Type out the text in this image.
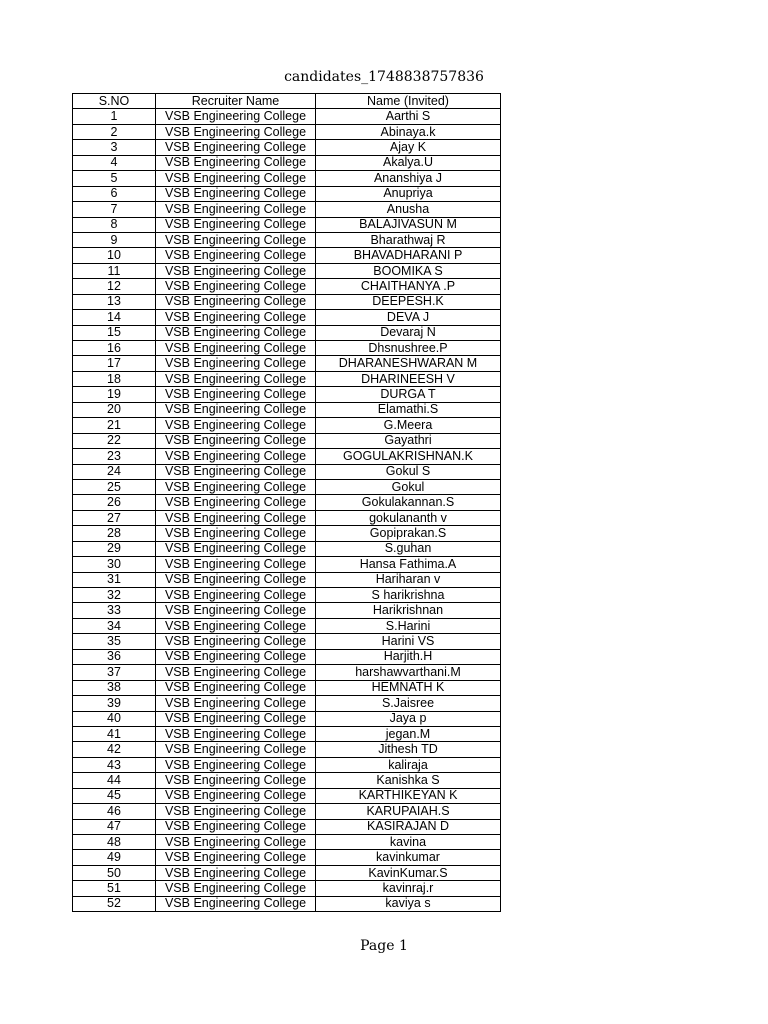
candidates_1748838757836
S.NO	Recruiter Name	Name (Invited)
1	VSB Engineering College	Aarthi S
2	VSB Engineering College	Abinaya.k
3	VSB Engineering College	Ajay K
4	VSB Engineering College	Akalya.U
5	VSB Engineering College	Ananshiya J
6	VSB Engineering College	Anupriya
7	VSB Engineering College	Anusha
8	VSB Engineering College	BALAJIVASUN M
9	VSB Engineering College	Bharathwaj R
10	VSB Engineering College	BHAVADHARANI P
11	VSB Engineering College	BOOMIKA S
12	VSB Engineering College	CHAITHANYA .P
13	VSB Engineering College	DEEPESH.K
14	VSB Engineering College	DEVA J
15	VSB Engineering College	Devaraj N
16	VSB Engineering College	Dhsnushree.P
17	VSB Engineering College	DHARANESHWARAN M
18	VSB Engineering College	DHARINEESH V
19	VSB Engineering College	DURGA T
20	VSB Engineering College	Elamathi.S
21	VSB Engineering College	G.Meera
22	VSB Engineering College	Gayathri
23	VSB Engineering College	GOGULAKRISHNAN.K
24	VSB Engineering College	Gokul S
25	VSB Engineering College	Gokul
26	VSB Engineering College	Gokulakannan.S
27	VSB Engineering College	gokulananth v
28	VSB Engineering College	Gopiprakan.S
29	VSB Engineering College	S.guhan
30	VSB Engineering College	Hansa Fathima.A
31	VSB Engineering College	Hariharan v
32	VSB Engineering College	S harikrishna
33	VSB Engineering College	Harikrishnan
34	VSB Engineering College	S.Harini
35	VSB Engineering College	Harini VS
36	VSB Engineering College	Harjith.H
37	VSB Engineering College	harshawvarthani.M
38	VSB Engineering College	HEMNATH K
39	VSB Engineering College	S.Jaisree
40	VSB Engineering College	Jaya p
41	VSB Engineering College	jegan.M
42	VSB Engineering College	Jithesh TD
43	VSB Engineering College	kaliraja
44	VSB Engineering College	Kanishka S
45	VSB Engineering College	KARTHIKEYAN K
46	VSB Engineering College	KARUPAIAH.S
47	VSB Engineering College	KASIRAJAN D
48	VSB Engineering College	kavina
49	VSB Engineering College	kavinkumar
50	VSB Engineering College	KavinKumar.S
51	VSB Engineering College	kavinraj.r
52	VSB Engineering College	kaviya s
Page 1
